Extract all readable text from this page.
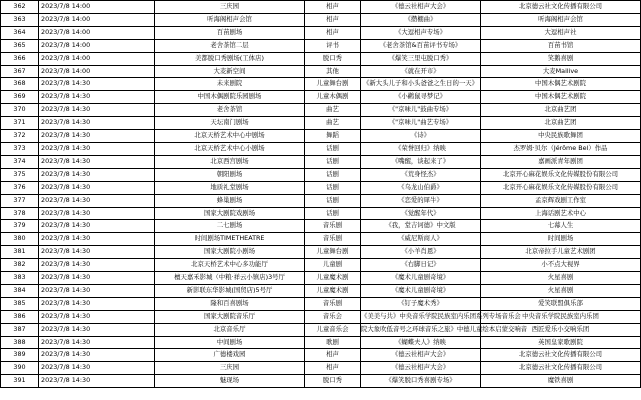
362	2023/7/8 14:00	三庆园	相声	《德云社相声大会》	北京德云社文化传播有限公司
363	2023/7/8 14:00	听海阁相声会馆	相声	《攒棚曲》	听海阁相声会馆
364	2023/7/8 14:00	百苗剧场	相声	《大逗相声专场》	大逗相声社
365	2023/7/8 14:00	老舍茶馆二层	评书	《老舍茶馆&百苗评书专场》	百苗书馆
366	2023/7/8 14:00	美都脱口秀剧场(工体店)	脱口秀	《爆笑三里屯脱口秀》	笑鹅喜剧
367	2023/7/8 14:00	大麦新空间	其他	《就在开市》	大麦Mailive
368	2023/7/8 14:30	未来剧院	儿童舞台剧	《新大头儿子和小头爸爸之生日的一天》	中国木偶艺术剧院
369	2023/7/8 14:30	中国木偶剧院乐园剧场	儿童木偶剧	《小鹳鼠寻梦记》	中国木偶艺术剧院
370	2023/7/8 14:30	老舍茶馆	曲艺	《"京味儿"鼓曲专场》	北京曲艺团
371	2023/7/8 14:30	天坛南门剧场	曲艺	《"京味儿"曲艺专场》	北京曲艺团
372	2023/7/8 14:30	北京天桥艺术中心中剧场	舞蹈	《诗》	中央民族歌舞团
373	2023/7/8 14:30	北京天桥艺术中心小剧场	话剧	《荣誉回归》纳映	杰罗姆·贝尔（Jérôme Bel）作品
374	2023/7/8 14:30	北京西宫剧场	话剧	《嘴醒，谈起来了》	嘉画派青年剧团
375	2023/7/8 14:30	朝阳剧场	话剧	《荒身怪杰》	北京开心麻花娱乐文化传媒股份有限公司
376	2023/7/8 14:30	地质礼堂剧场	话剧	《乌龙山伯爵》	北京开心麻花娱乐文化传媒股份有限公司
377	2023/7/8 14:30	蜂巢剧场	话剧	《恋爱的犀牛》	孟京辉戏剧工作室
378	2023/7/8 14:30	国家大剧院戏剧场	话剧	《觉醒年代》	上海话剧艺术中心
379	2023/7/8 14:30	二七剧场	音乐剧	《我，堂吉诃德》中文版	七幕人生
380	2023/7/8 14:30	时间剧场TIMETHEATRE	音乐剧	《威尼斯商人》	时间剧场
381	2023/7/8 14:30	国家大剧院小剧场	儿童舞台剧	《小羊肖恩》	北京帝拉手儿童艺术剧团
382	2023/7/8 14:30	北京天桥艺术中心多功能厅	儿童剧	《右脚日记》	小不点大视界
383	2023/7/8 14:30	檀天嘉禾影城（中粮·祥云小镇店)3号厅	儿童魔术剧	《魔术儿童剧奇境》	火星喜剧
384	2023/7/8 14:30	新影联东华影城(国贸店)5号厅	儿童魔术剧	《魔术儿童剧奇境》	火星喜剧
385	2023/7/8 14:30	隆和百喜剧场	音乐剧	《钉子魔术秀》	爱笑联盟俱乐部
386	2023/7/8 14:30	国家大剧院音乐厅	音乐会	《美美与共》中央音乐学院民族室内乐团系列专场音乐会	中央音乐学院民族室内乐团
387	2023/7/8 14:30	北京音乐厅	儿童音乐会	院大象吹低音号之环球音乐之旅》中德儿童绘本启蒙交响音	西匠爱乐小交响乐团
388	2023/7/8 14:30	中间剧场	歌剧	《蝴蝶夫人》纳映	英国皇家歌剧院
389	2023/7/8 14:30	广德楼戏园	相声	《德云社相声大会》	北京德云社文化传播有限公司
390	2023/7/8 14:30	三庆园	相声	《德云社相声大会》	北京德云社文化传播有限公司
391	2023/7/8 14:30	魅现场	脱口秀	《爆笑脱口秀喜剧专场》	魔铁喜剧
